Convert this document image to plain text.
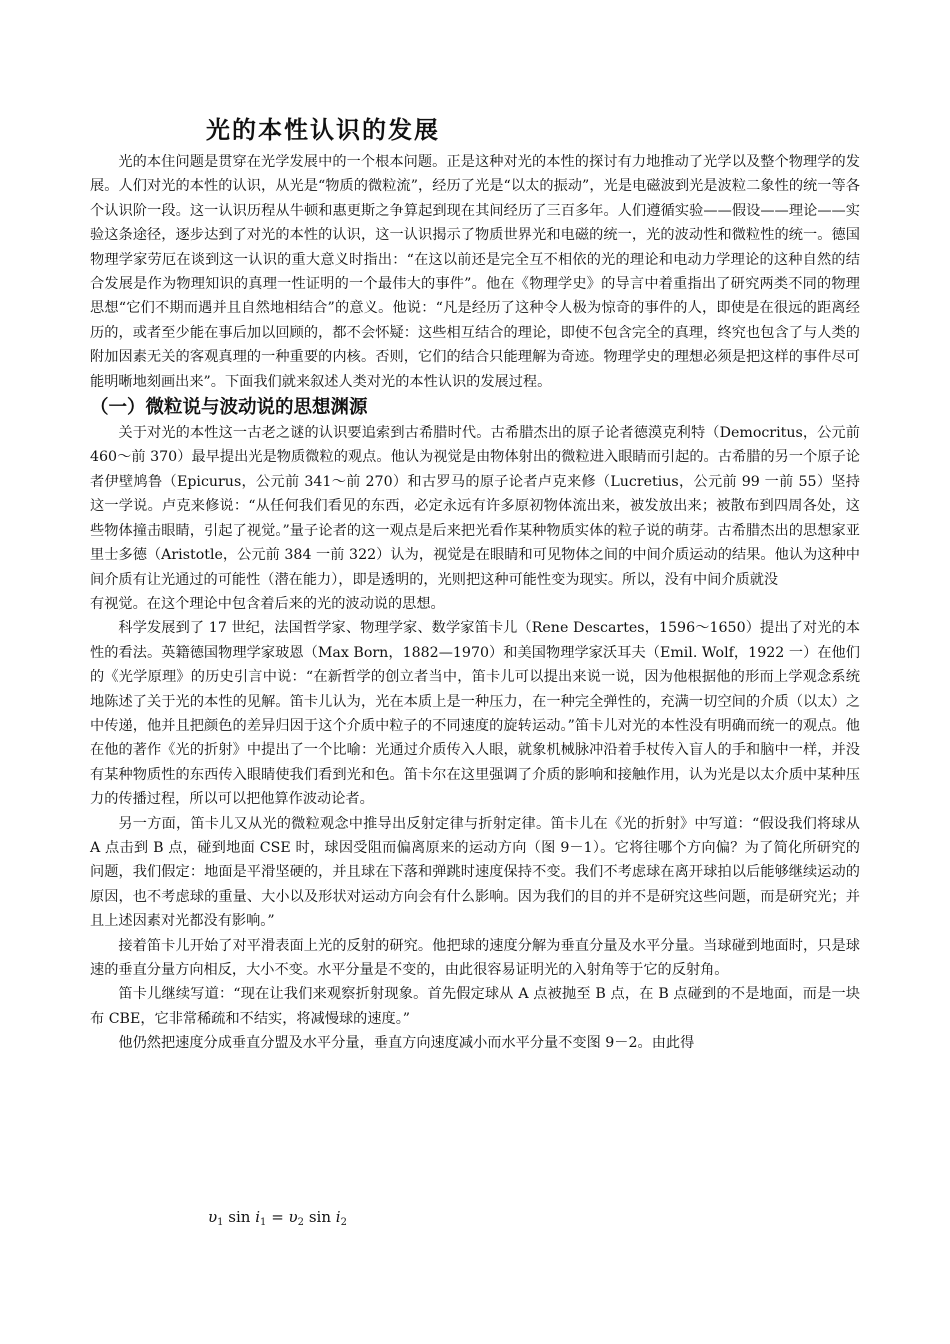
光的本性认识的发展

光的本住问题是贯穿在光学发展中的一个根本问题。正是这种对光的本性的探讨有力地推动了光学以及整个物理学的发展。人们对光的本性的认识，从光是“物质的微粒流”，经历了光是“以太的振动”，光是电磁波到光是波粒二象性的统一等各个认识阶一段。这一认识历程从牛顿和惠更斯之争算起到现在其间经历了三百多年。人们遵循实验——假设——理论——实验这条途径，逐步达到了对光的本性的认识，这一认识揭示了物质世界光和电磁的统一，光的波动性和微粒性的统一。德国物理学家劳厄在谈到这一认识的重大意义时指出：“在这以前还是完全互不相依的光的理论和电动力学理论的这种自然的结合发展是作为物理知识的真理一性证明的一个最伟大的事件”。他在《物理学史》的导言中着重指出了研究两类不同的物理思想“它们不期而遇并且自然地相结合”的意义。他说：“凡是经历了这种令人极为惊奇的事件的人，即使是在很远的距离经历的，或者至少能在事后加以回顾的，都不会怀疑：这些相互结合的理论，即使不包含完全的真理，终究也包含了与人类的附加因素无关的客观真理的一种重要的内核。否则，它们的结合只能理解为奇迹。物理学史的理想必须是把这样的事件尽可能明晰地刻画出来”。下面我们就来叙述人类对光的本性认识的发展过程。

（一）微粒说与波动说的思想渊源

关于对光的本性这一古老之谜的认识要追索到古希腊时代。古希腊杰出的原子论者德漠克利特（Democritus，公元前 460～前 370）最早提出光是物质微粒的观点。他认为视觉是由物体射出的微粒进入眼睛而引起的。古希腊的另一个原子论者伊壁鸠鲁（Epicurus，公元前 341～前 270）和古罗马的原子论者卢克来修（Lucretius，公元前 99 一前 55）坚持这一学说。卢克来修说：“从任何我们看见的东西，必定永远有许多原初物体流出来，被发放出来；被散布到四周各处，这些物体撞击眼睛，引起了视觉。”量子论者的这一观点是后来把光看作某种物质实体的粒子说的萌芽。古希腊杰出的思想家亚里士多德（Aristotle，公元前 384 一前 322）认为，视觉是在眼睛和可见物体之间的中间介质运动的结果。他认为这种中间介质有让光通过的可能性（潜在能力），即是透明的，光则把这种可能性变为现实。所以，没有中间介质就没

有视觉。在这个理论中包含着后来的光的波动说的思想。

科学发展到了 17 世纪，法国哲学家、物理学家、数学家笛卡儿（Rene Descartes，1596～1650）提出了对光的本性的看法。英籍德国物理学家玻恩（Max Born，1882—1970）和美国物理学家沃耳夫（Emil. Wolf，1922 一）在他们的《光学原理》的历史引言中说：“在新哲学的创立者当中，笛卡儿可以提出来说一说，因为他根据他的形而上学观念系统地陈述了关于光的本性的见解。笛卡儿认为，光在本质上是一种压力，在一种完全弹性的，充满一切空间的介质（以太）之中传递，他并且把颜色的差异归因于这个介质中粒子的不同速度的旋转运动。”笛卡儿对光的本性没有明确而统一的观点。他在他的著作《光的折射》中提出了一个比喻：光通过介质传入人眼，就象机械脉冲沿着手杖传入盲人的手和脑中一样，并没有某种物质性的东西传入眼睛使我们看到光和色。笛卡尔在这里强调了介质的影响和接触作用，认为光是以太介质中某种压力的传播过程，所以可以把他算作波动论者。

另一方面，笛卡儿又从光的微粒观念中推导出反射定律与折射定律。笛卡儿在《光的折射》中写道：“假设我们将球从 A 点击到 B 点，碰到地面 CSE 时，球因受阻而偏离原来的运动方向（图 9－1）。它将往哪个方向偏？为了简化所研究的问题，我们假定：地面是平滑坚硬的，并且球在下落和弹跳时速度保持不变。我们不考虑球在离开球拍以后能够继续运动的原因，也不考虑球的重量、大小以及形状对运动方向会有什么影响。因为我们的目的并不是研究这些问题，而是研究光；并且上述因素对光都没有影响。”

接着笛卡儿开始了对平滑表面上光的反射的研究。他把球的速度分解为垂直分量及水平分量。当球碰到地面时，只是球速的垂直分量方向相反，大小不变。水平分量是不变的，由此很容易证明光的入射角等于它的反射角。

笛卡儿继续写道：“现在让我们来观察折射现象。首先假定球从 A 点被抛至 B 点，在 B 点碰到的不是地面，而是一块布 CBE，它非常稀疏和不结实，将减慢球的速度。”

他仍然把速度分成垂直分盟及水平分量，垂直方向速度减小而水平分量不变图 9－2。由此得

$\upsilon_1$ $\sin i_1 = \upsilon_2$ $\sin i_2$
